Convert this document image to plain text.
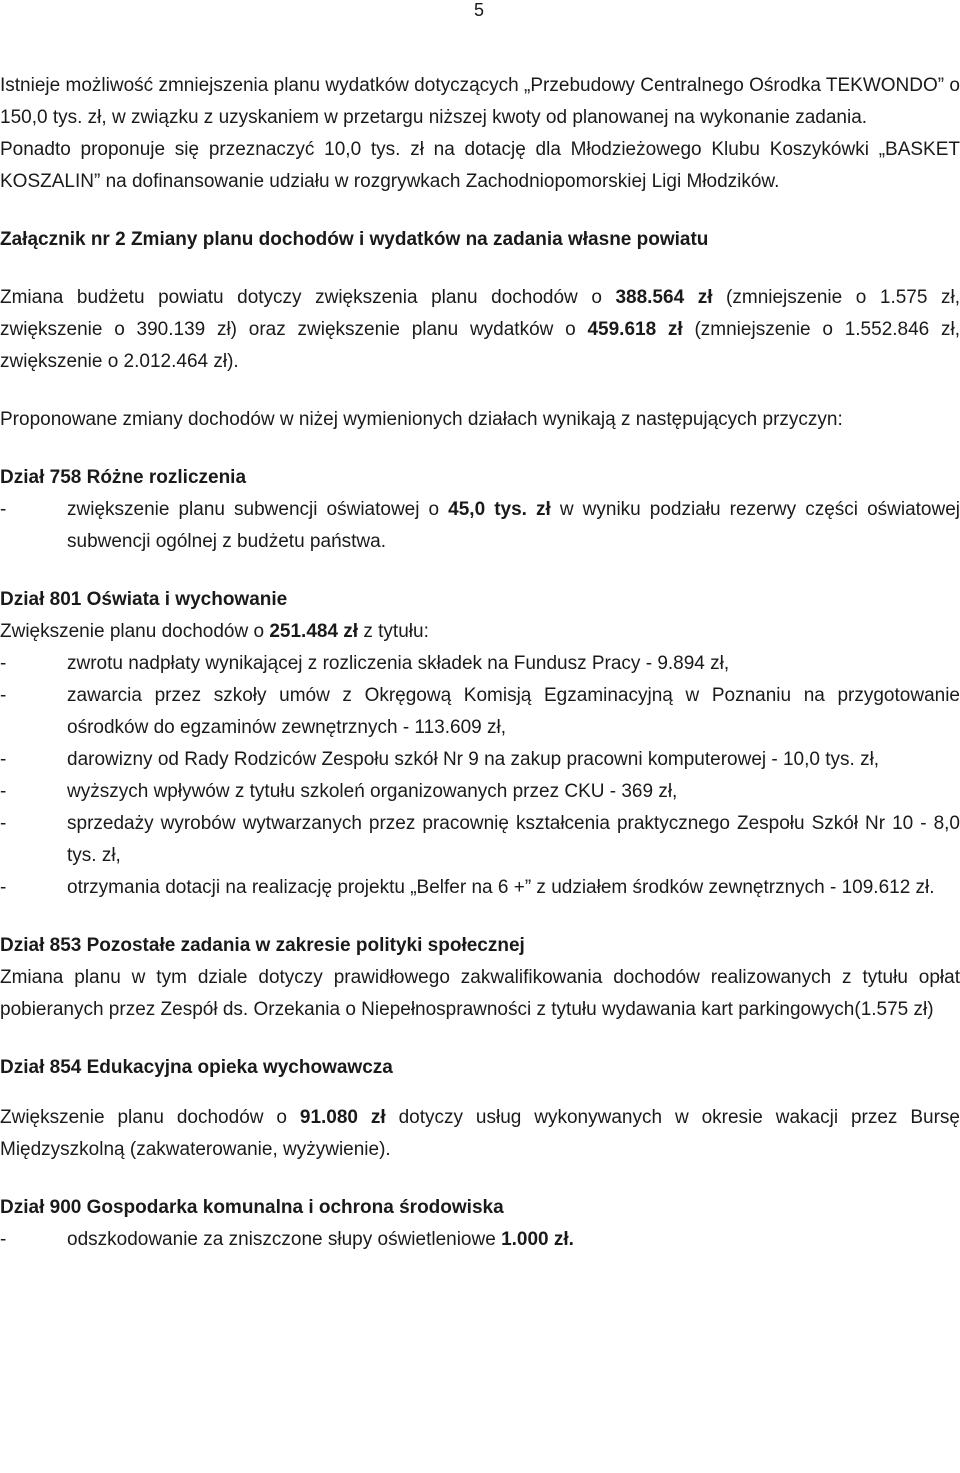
5

Istnieje możliwość zmniejszenia planu wydatków dotyczących „Przebudowy Centralnego Ośrodka TEKWONDO” o 150,0 tys. zł, w związku z uzyskaniem w przetargu niższej kwoty od planowanej na wykonanie zadania.

Ponadto proponuje się przeznaczyć 10,0 tys. zł na dotację dla Młodzieżowego Klubu Koszykówki „BASKET KOSZALIN” na dofinansowanie udziału w rozgrywkach Zachodniopomorskiej Ligi Młodzików.

Załącznik nr 2 Zmiany planu dochodów i wydatków na zadania własne powiatu

Zmiana budżetu powiatu dotyczy zwiększenia planu dochodów o 388.564 zł (zmniejszenie o 1.575 zł, zwiększenie o 390.139 zł) oraz zwiększenie planu wydatków o 459.618 zł (zmniejszenie o 1.552.846 zł, zwiększenie o 2.012.464 zł).

Proponowane zmiany dochodów w niżej wymienionych działach wynikają z następujących przyczyn:

Dział 758 Różne rozliczenia

- zwiększenie planu subwencji oświatowej o 45,0 tys. zł w wyniku podziału rezerwy części oświatowej subwencji ogólnej z budżetu państwa.

Dział 801 Oświata i wychowanie

Zwiększenie planu dochodów o 251.484 zł z tytułu:

- zwrotu nadpłaty wynikającej z rozliczenia składek na Fundusz Pracy - 9.894 zł,
- zawarcia przez szkoły umów z Okręgową Komisją Egzaminacyjną w Poznaniu na przygotowanie ośrodków do egzaminów zewnętrznych - 113.609 zł,
- darowizny od Rady Rodziców Zespołu szkół Nr 9 na zakup pracowni komputerowej - 10,0 tys. zł,
- wyższych wpływów z tytułu szkoleń organizowanych przez CKU - 369 zł,
- sprzedaży wyrobów wytwarzanych przez pracownię kształcenia praktycznego Zespołu Szkół Nr 10 - 8,0 tys. zł,
- otrzymania dotacji na realizację projektu „Belfer na 6 +” z udziałem środków zewnętrznych - 109.612 zł.

Dział 853 Pozostałe zadania w zakresie polityki społecznej

Zmiana planu w tym dziale dotyczy prawidłowego zakwalifikowania dochodów realizowanych z tytułu opłat pobieranych przez Zespół ds. Orzekania o Niepełnosprawności z tytułu wydawania kart parkingowych(1.575 zł)

Dział 854 Edukacyjna opieka wychowawcza

Zwiększenie planu dochodów o 91.080 zł dotyczy usług wykonywanych w okresie wakacji przez Bursę Międzyszkolną (zakwaterowanie, wyżywienie).

Dział 900 Gospodarka komunalna i ochrona środowiska

- odszkodowanie za zniszczone słupy oświetleniowe 1.000 zł.
